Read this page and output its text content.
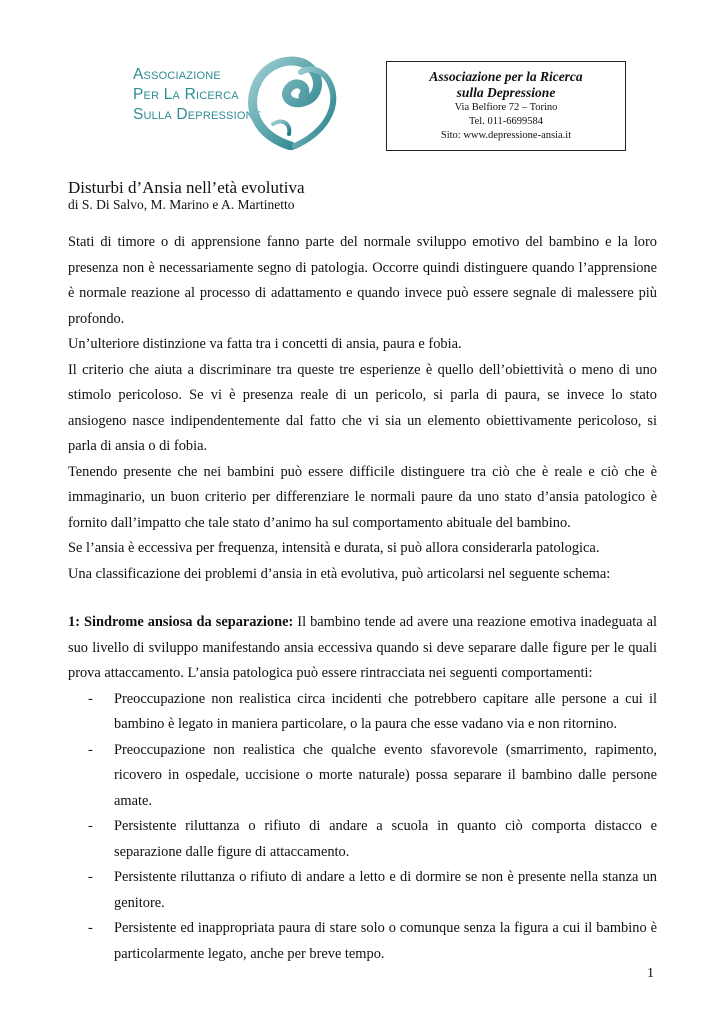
Associazione
Per La Ricerca
Sulla Depressione
Associazione per la Ricerca
sulla Depressione
Via Belfiore 72 – Torino
Tel. 011-6699584
Sito: www.depressione-ansia.it
Disturbi d’Ansia nell’età evolutiva
di S. Di Salvo, M. Marino e A. Martinetto

Stati di timore o di apprensione fanno parte del normale sviluppo emotivo del bambino e la loro presenza non è necessariamente segno di patologia. Occorre quindi distinguere quando l’apprensione è normale reazione al processo di adattamento e quando invece può essere segnale di malessere più profondo.

Un’ulteriore distinzione va fatta tra i concetti di ansia, paura e fobia.

Il criterio che aiuta a discriminare tra queste tre esperienze è quello dell’obiettività o meno di uno stimolo pericoloso. Se vi è presenza reale di un pericolo, si parla di paura, se invece lo stato ansiogeno nasce indipendentemente dal fatto che vi sia un elemento obiettivamente pericoloso, si parla di ansia o di fobia.

Tenendo presente che nei bambini può essere difficile distinguere tra ciò che è reale e ciò che è immaginario, un buon criterio per differenziare le normali paure da uno stato d’ansia patologico è fornito dall’impatto che tale stato d’animo ha sul comportamento abituale del bambino.

Se l’ansia è eccessiva per frequenza, intensità e durata, si può allora considerarla patologica.

Una classificazione dei problemi d’ansia in età evolutiva, può articolarsi nel seguente schema:

1: Sindrome ansiosa da separazione: Il bambino tende ad avere una reazione emotiva inadeguata al suo livello di sviluppo manifestando ansia eccessiva quando si deve separare dalle figure per le quali prova attaccamento. L’ansia patologica può essere rintracciata nei seguenti comportamenti:

- Preoccupazione non realistica circa incidenti che potrebbero capitare alle persone a cui il bambino è legato in maniera particolare, o la paura che esse vadano via e non ritornino.
- Preoccupazione non realistica che qualche evento sfavorevole (smarrimento, rapimento, ricovero in ospedale, uccisione o morte naturale) possa separare il bambino dalle persone amate.
- Persistente riluttanza o rifiuto di andare a scuola in quanto ciò comporta distacco e separazione dalle figure di attaccamento.
- Persistente riluttanza o rifiuto di andare a letto e di dormire se non è presente nella stanza un genitore.
- Persistente ed inappropriata paura di stare solo o comunque senza la figura a cui il bambino è particolarmente legato, anche per breve tempo.
1
